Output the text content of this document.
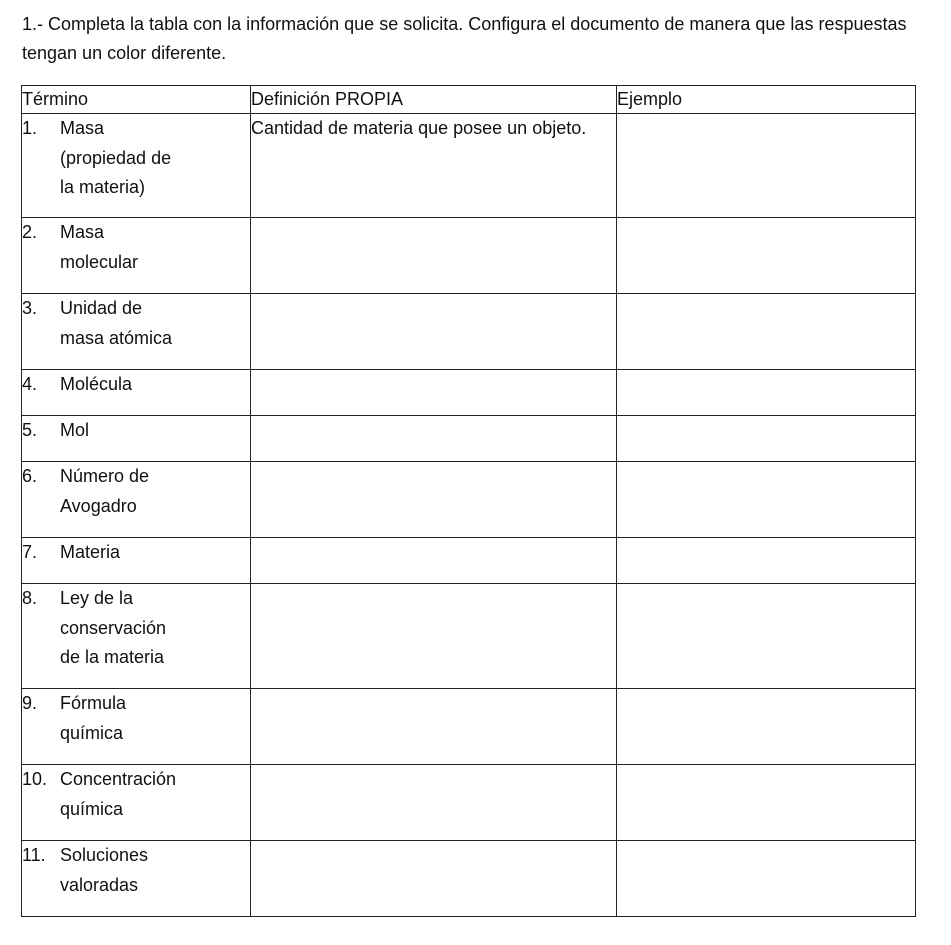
1.- Completa la tabla con la información que se solicita. Configura el documento de manera que las respuestas tengan un color diferente.

Término	Definición PROPIA	Ejemplo

1. Masa
(propiedad de
la materia)	Cantidad de materia que posee un objeto.	

2. Masa
molecular		

3. Unidad de
masa atómica		

4. Molécula		

5. Mol		

6. Número de
Avogadro		

7. Materia		

8. Ley de la
conservación
de la materia		

9. Fórmula
química		

10. Concentración
química		

11. Soluciones
valoradas		
